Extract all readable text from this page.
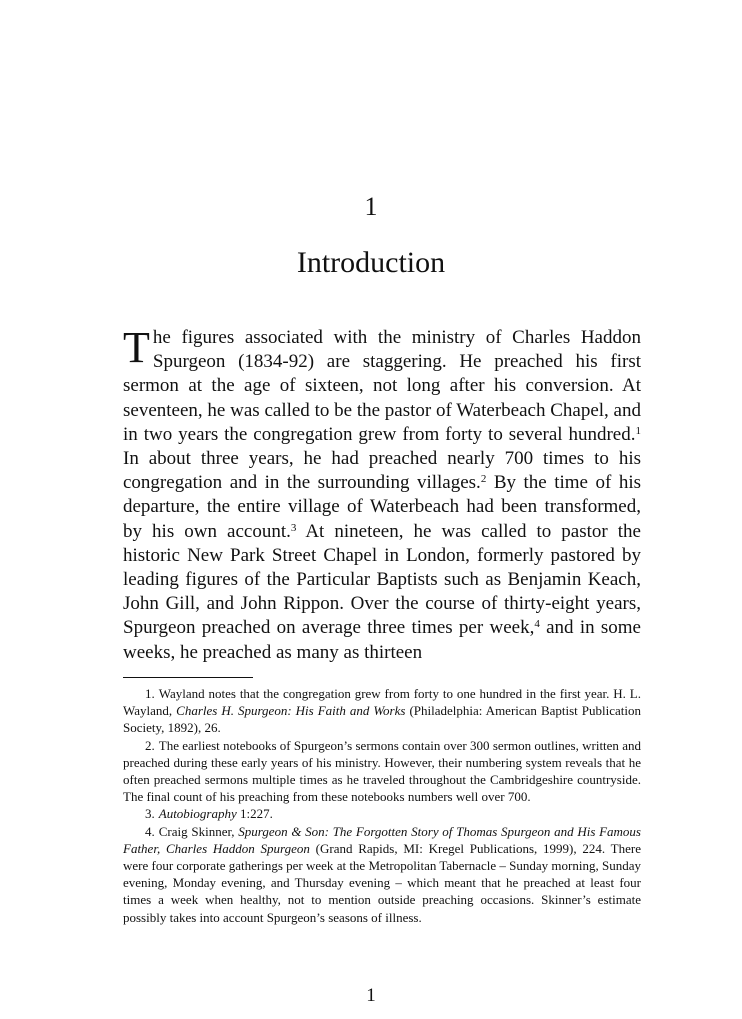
1
Introduction

The figures associated with the ministry of Charles Haddon Spurgeon (1834-92) are staggering. He preached his first sermon at the age of sixteen, not long after his conversion. At seventeen, he was called to be the pastor of Waterbeach Chapel, and in two years the congregation grew from forty to several hundred.$^1$ In about three years, he had preached nearly 700 times to his congregation and in the surrounding villages.$^2$ By the time of his departure, the entire village of Waterbeach had been transformed, by his own account.$^3$ At nineteen, he was called to pastor the historic New Park Street Chapel in London, formerly pastored by leading figures of the Particular Baptists such as Benjamin Keach, John Gill, and John Rippon. Over the course of thirty-eight years, Spurgeon preached on average three times per week,$^4$ and in some weeks, he preached as many as thirteen

1. Wayland notes that the congregation grew from forty to one hundred in the first year. H. L. Wayland, Charles H. Spurgeon: His Faith and Works (Philadelphia: American Baptist Publication Society, 1892), 26.

2. The earliest notebooks of Spurgeon’s sermons contain over 300 sermon outlines, written and preached during these early years of his ministry. However, their numbering system reveals that he often preached sermons multiple times as he traveled throughout the Cambridgeshire countryside. The final count of his preaching from these notebooks numbers well over 700.

3. Autobiography 1:227.

4. Craig Skinner, Spurgeon & Son: The Forgotten Story of Thomas Spurgeon and His Famous Father, Charles Haddon Spurgeon (Grand Rapids, MI: Kregel Publications, 1999), 224. There were four corporate gatherings per week at the Metropolitan Tabernacle – Sunday morning, Sunday evening, Monday evening, and Thursday evening – which meant that he preached at least four times a week when healthy, not to mention outside preaching occasions. Skinner’s estimate possibly takes into account Spurgeon’s seasons of illness.

1
